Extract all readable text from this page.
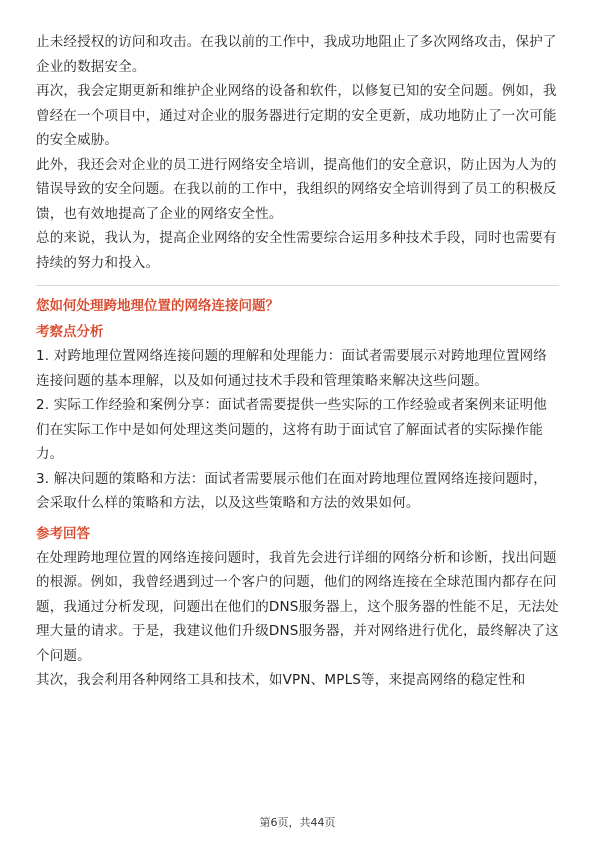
止未经授权的访问和攻击。在我以前的工作中，我成功地阻止了多次网络攻击，保护了企业的数据安全。

再次，我会定期更新和维护企业网络的设备和软件，以修复已知的安全问题。例如，我曾经在一个项目中，通过对企业的服务器进行定期的安全更新，成功地防止了一次可能的安全威胁。

此外，我还会对企业的员工进行网络安全培训，提高他们的安全意识，防止因为人为的错误导致的安全问题。在我以前的工作中，我组织的网络安全培训得到了员工的积极反馈，也有效地提高了企业的网络安全性。

总的来说，我认为，提高企业网络的安全性需要综合运用多种技术手段，同时也需要有持续的努力和投入。

您如何处理跨地理位置的网络连接问题？
考察点分析

1. 对跨地理位置网络连接问题的理解和处理能力：面试者需要展示对跨地理位置网络连接问题的基本理解，以及如何通过技术手段和管理策略来解决这些问题。

2. 实际工作经验和案例分享：面试者需要提供一些实际的工作经验或者案例来证明他们在实际工作中是如何处理这类问题的，这将有助于面试官了解面试者的实际操作能力。

3. 解决问题的策略和方法：面试者需要展示他们在面对跨地理位置网络连接问题时，会采取什么样的策略和方法，以及这些策略和方法的效果如何。

参考回答

在处理跨地理位置的网络连接问题时，我首先会进行详细的网络分析和诊断，找出问题的根源。例如，我曾经遇到过一个客户的问题，他们的网络连接在全球范围内都存在问题，我通过分析发现，问题出在他们的DNS服务器上，这个服务器的性能不足，无法处理大量的请求。于是，我建议他们升级DNS服务器，并对网络进行优化，最终解决了这个问题。

其次，我会利用各种网络工具和技术，如VPN、MPLS等，来提高网络的稳定性和

第6页，共44页
